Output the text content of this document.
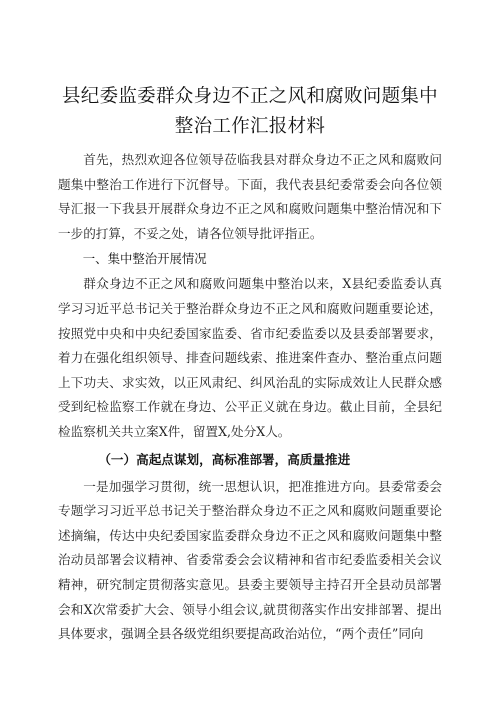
县纪委监委群众身边不正之风和腐败问题集中
整治工作汇报材料

首先，热烈欢迎各位领导莅临我县对群众身边不正之风和腐败问题集中整治工作进行下沉督导。下面，我代表县纪委常委会向各位领导汇报一下我县开展群众身边不正之风和腐败问题集中整治情况和下一步的打算，不妥之处，请各位领导批评指正。

一、集中整治开展情况

群众身边不正之风和腐败问题集中整治以来，X县纪委监委认真学习习近平总书记关于整治群众身边不正之风和腐败问题重要论述，按照党中央和中央纪委国家监委、省市纪委监委以及县委部署要求，着力在强化组织领导、排查问题线索、推进案件查办、整治重点问题上下功夫、求实效，以正风肃纪、纠风治乱的实际成效让人民群众感受到纪检监察工作就在身边、公平正义就在身边。截止目前，全县纪检监察机关共立案X件，留置X,处分X人。

（一）高起点谋划，高标准部署，高质量推进

一是加强学习贯彻，统一思想认识，把准推进方向。县委常委会专题学习习近平总书记关于整治群众身边不正之风和腐败问题重要论述摘编，传达中央纪委国家监委群众身边不正之风和腐败问题集中整治动员部署会议精神、省委常委会会议精神和省市纪委监委相关会议精神，研究制定贯彻落实意见。县委主要领导主持召开全县动员部署会和X次常委扩大会、领导小组会议,就贯彻落实作出安排部署、提出具体要求，强调全县各级党组织要提高政治站位，“两个责任”同向
